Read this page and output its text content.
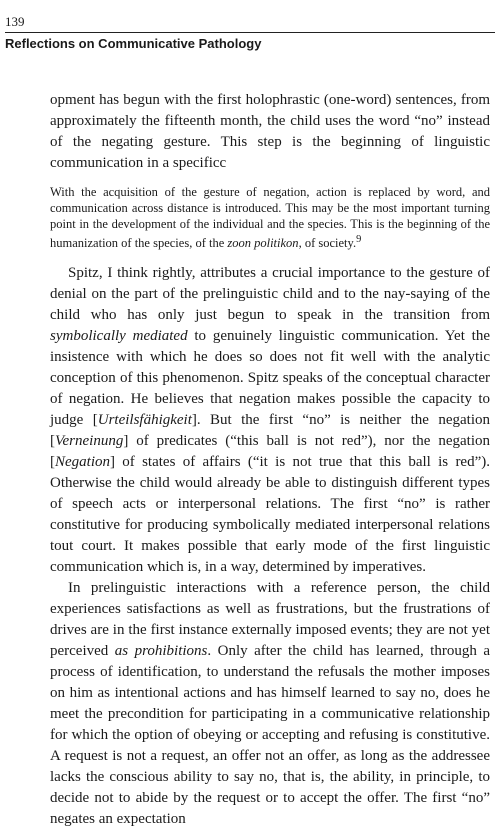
139
Reflections on Communicative Pathology

opment has begun with the first holophrastic (one-word) sentences, from approximately the fifteenth month, the child uses the word “no” instead of the negating gesture. This step is the beginning of linguistic communication in a specificc

With the acquisition of the gesture of negation, action is replaced by word, and communication across distance is introduced. This may be the most important turning point in the development of the individual and the species. This is the beginning of the humanization of the species, of the zoon politikon, of society.$^9$

Spitz, I think rightly, attributes a crucial importance to the gesture of denial on the part of the prelinguistic child and to the nay-saying of the child who has only just begun to speak in the transition from symbolically mediated to genuinely linguistic communication. Yet the insistence with which he does so does not fit well with the analytic conception of this phenomenon. Spitz speaks of the conceptual character of negation. He believes that negation makes possible the capacity to judge [Urteilsfähigkeit]. But the first “no” is neither the negation [Verneinung] of predicates (“this ball is not red”), nor the negation [Negation] of states of affairs (“it is not true that this ball is red”). Otherwise the child would already be able to distinguish different types of speech acts or interpersonal relations. The first “no” is rather constitutive for producing symbolically mediated interpersonal relations tout court. It makes possible that early mode of the first linguistic communication which is, in a way, determined by imperatives.

In prelinguistic interactions with a reference person, the child experiences satisfactions as well as frustrations, but the frustrations of drives are in the first instance externally imposed events; they are not yet perceived as prohibitions. Only after the child has learned, through a process of identification, to understand the refusals the mother imposes on him as intentional actions and has himself learned to say no, does he meet the precondition for participating in a communicative relationship for which the option of obeying or accepting and refusing is constitutive. A request is not a request, an offer not an offer, as long as the addressee lacks the conscious ability to say no, that is, the ability, in principle, to decide not to abide by the request or to accept the offer. The first “no” negates an expectation
